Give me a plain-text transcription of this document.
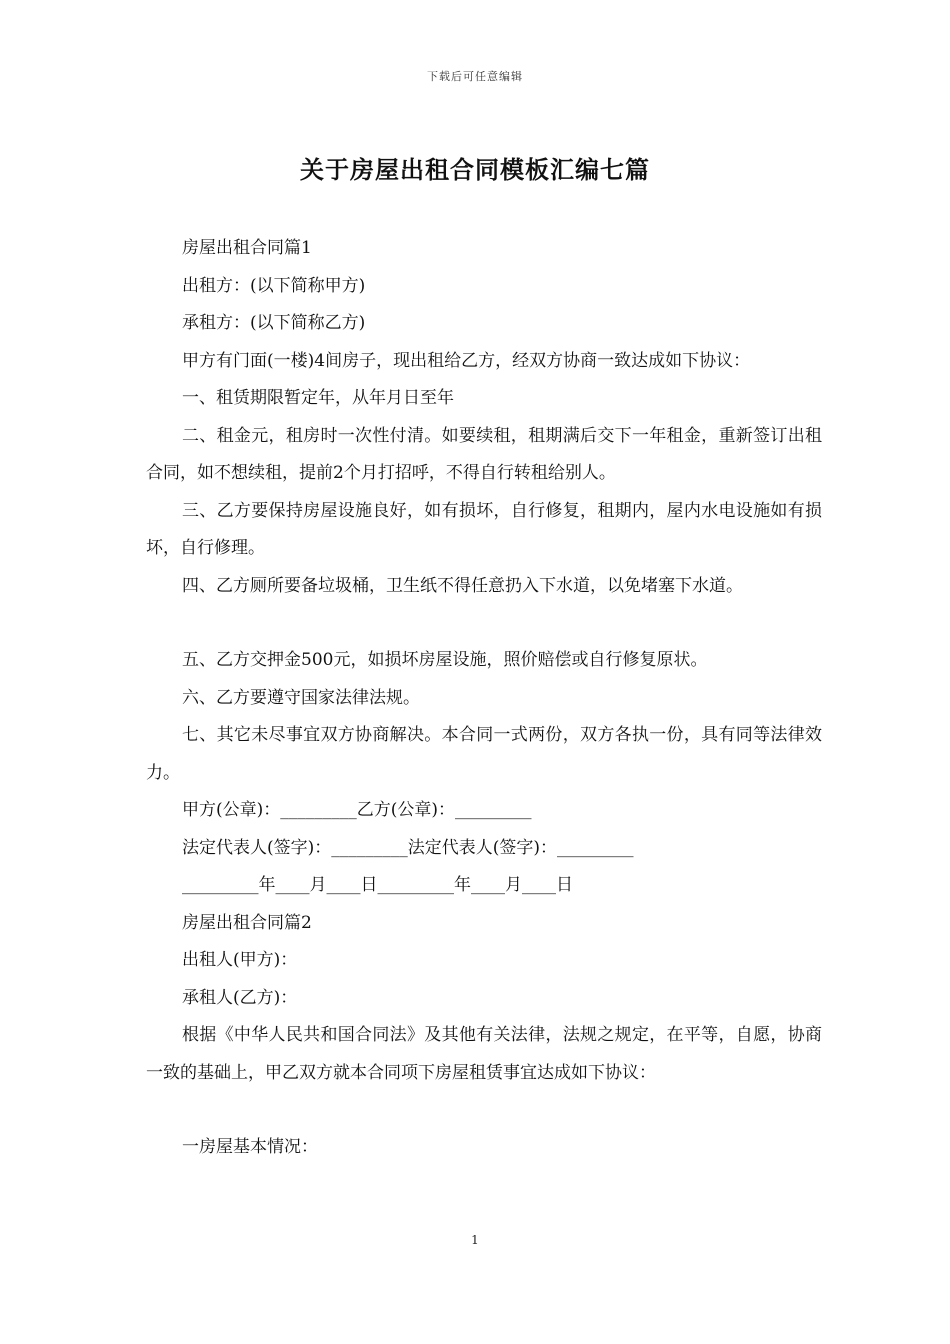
下载后可任意编辑
关于房屋出租合同模板汇编七篇

房屋出租合同篇1

出租方：(以下简称甲方)

承租方：(以下简称乙方)

甲方有门面(一楼)4间房子，现出租给乙方，经双方协商一致达成如下协议：

一、租赁期限暂定年，从年月日至年

二、租金元，租房时一次性付清。如要续租，租期满后交下一年租金，重新签订出租合同，如不想续租，提前2个月打招呼，不得自行转租给别人。

三、乙方要保持房屋设施良好，如有损坏，自行修复，租期内，屋内水电设施如有损坏，自行修理。

四、乙方厕所要备垃圾桶，卫生纸不得任意扔入下水道，以免堵塞下水道。

五、乙方交押金500元，如损坏房屋设施，照价赔偿或自行修复原状。

六、乙方要遵守国家法律法规。

七、其它未尽事宜双方协商解决。本合同一式两份，双方各执一份，具有同等法律效力。

甲方(公章)：_________乙方(公章)：_________

法定代表人(签字)：_________法定代表人(签字)：_________

_________年____月____日_________年____月____日

房屋出租合同篇2

出租人(甲方)：

承租人(乙方)：

根据《中华人民共和国合同法》及其他有关法律，法规之规定，在平等，自愿，协商一致的基础上，甲乙双方就本合同项下房屋租赁事宜达成如下协议：

一房屋基本情况：

1
